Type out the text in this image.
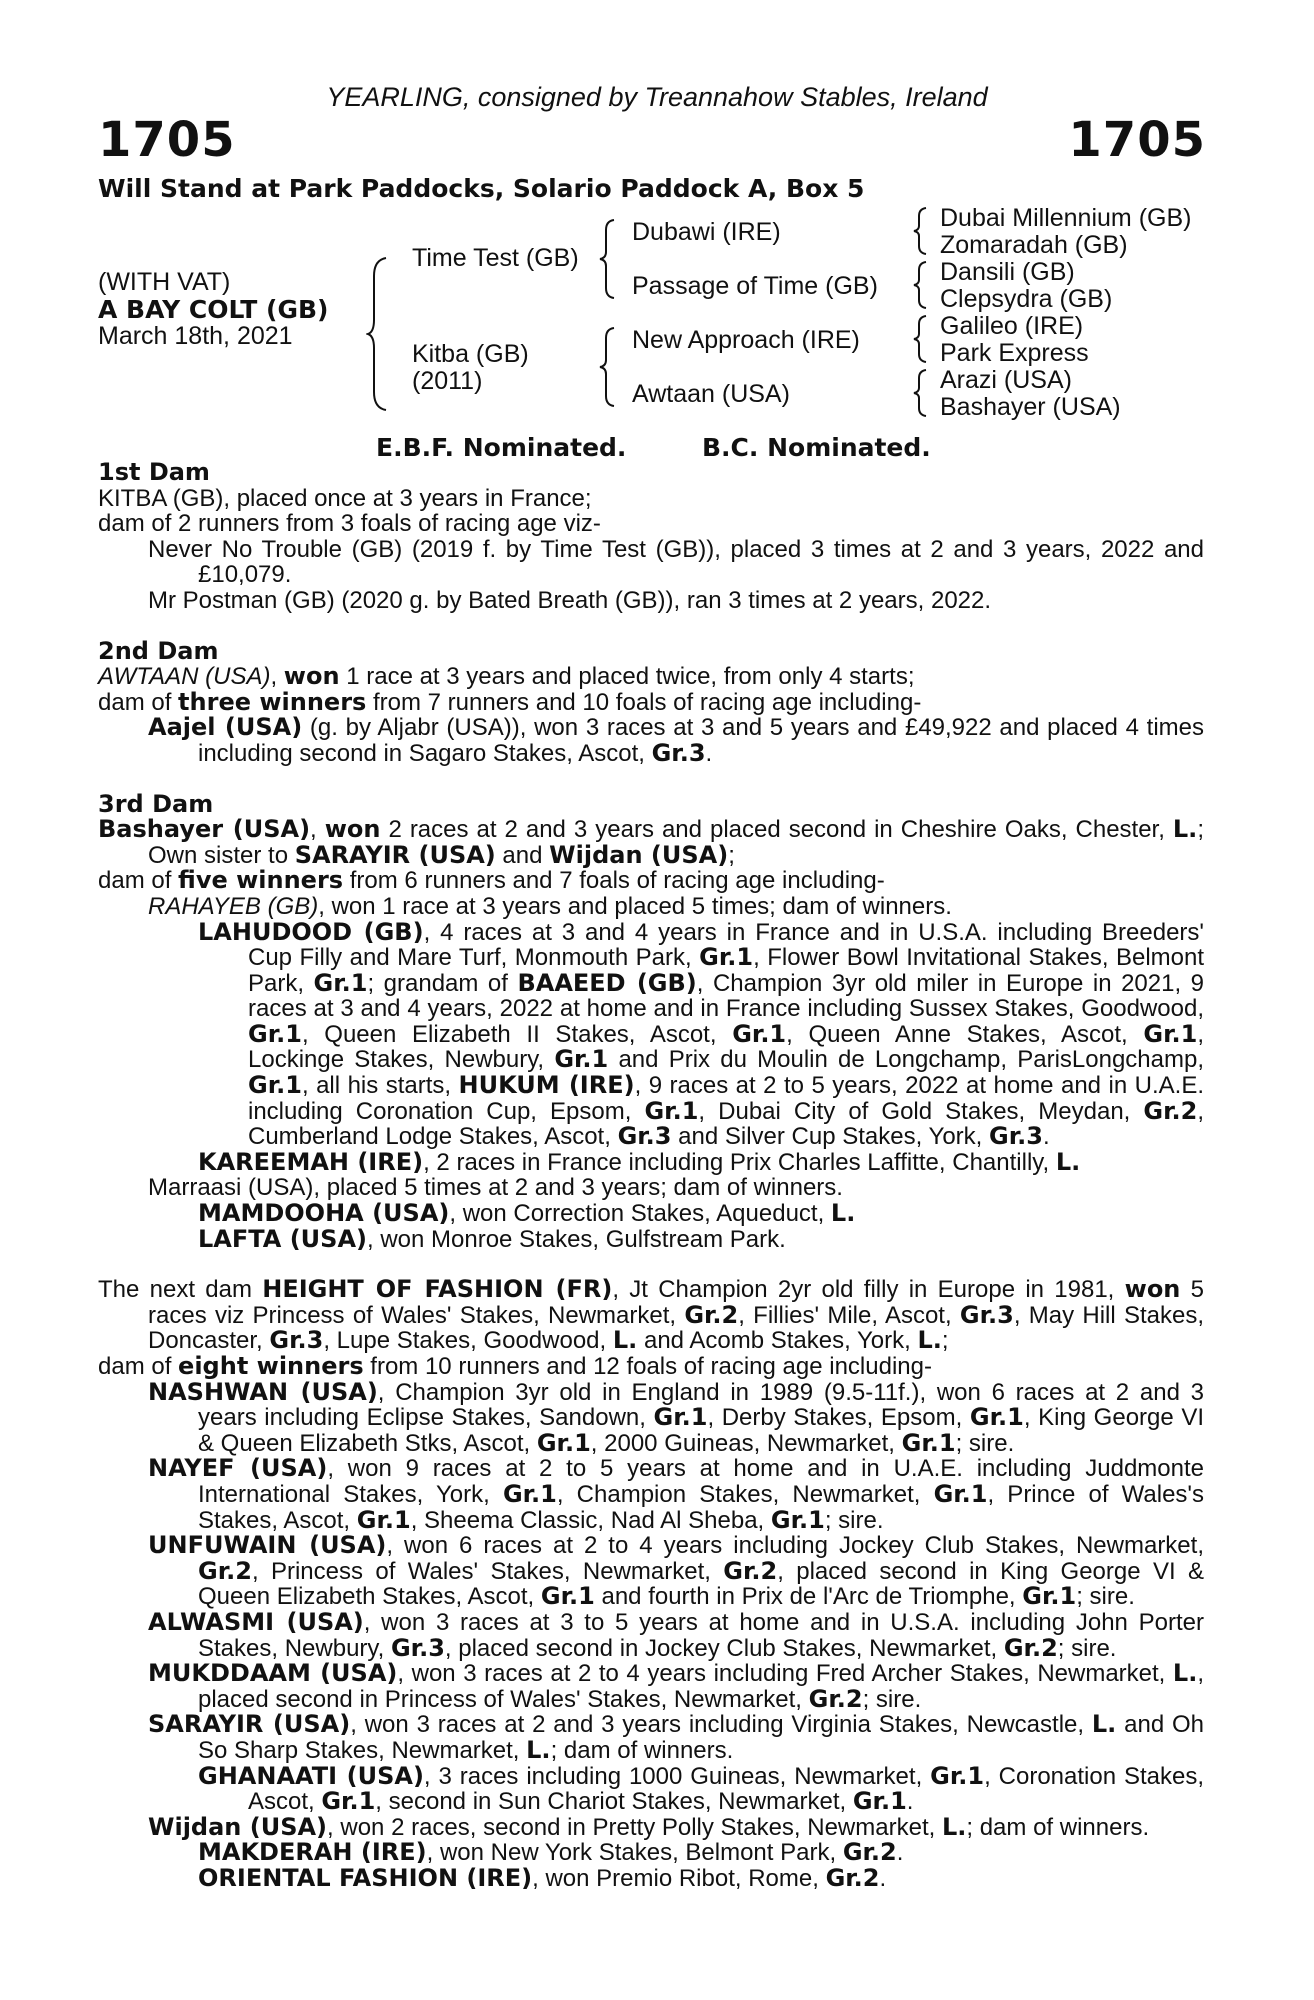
YEARLING, consigned by Treannahow Stables, Ireland
1705	1705
Will Stand at Park Paddocks, Solario Paddock A, Box 5
(WITH VAT)
A BAY COLT (GB)
March 18th, 2021
Time Test (GB)
Kitba (GB)
(2011)
Dubawi (IRE)
Passage of Time (GB)
New Approach (IRE)
Awtaan (USA)
Dubai Millennium (GB)
Zomaradah (GB)
Dansili (GB)
Clepsydra (GB)
Galileo (IRE)
Park Express
Arazi (USA)
Bashayer (USA)
E.B.F. Nominated.	B.C. Nominated.

1st Dam

KITBA (GB), placed once at 3 years in France;

dam of 2 runners from 3 foals of racing age viz-

Never No Trouble (GB) (2019 f. by Time Test (GB)), placed 3 times at 2 and 3 years, 2022 and £10,079.

Mr Postman (GB) (2020 g. by Bated Breath (GB)), ran 3 times at 2 years, 2022.

2nd Dam

AWTAAN (USA), won 1 race at 3 years and placed twice, from only 4 starts;

dam of three winners from 7 runners and 10 foals of racing age including-

Aajel (USA) (g. by Aljabr (USA)), won 3 races at 3 and 5 years and £49,922 and placed 4 times including second in Sagaro Stakes, Ascot, Gr.3.

3rd Dam

Bashayer (USA), won 2 races at 2 and 3 years and placed second in Cheshire Oaks, Chester, L.; Own sister to SARAYIR (USA) and Wijdan (USA);

dam of five winners from 6 runners and 7 foals of racing age including-

RAHAYEB (GB), won 1 race at 3 years and placed 5 times; dam of winners.

LAHUDOOD (GB), 4 races at 3 and 4 years in France and in U.S.A. including Breeders' Cup Filly and Mare Turf, Monmouth Park, Gr.1, Flower Bowl Invitational Stakes, Belmont Park, Gr.1; grandam of BAAEED (GB), Champion 3yr old miler in Europe in 2021, 9 races at 3 and 4 years, 2022 at home and in France including Sussex Stakes, Goodwood, Gr.1, Queen Elizabeth II Stakes, Ascot, Gr.1, Queen Anne Stakes, Ascot, Gr.1, Lockinge Stakes, Newbury, Gr.1 and Prix du Moulin de Longchamp, ParisLongchamp, Gr.1, all his starts, HUKUM (IRE), 9 races at 2 to 5 years, 2022 at home and in U.A.E. including Coronation Cup, Epsom, Gr.1, Dubai City of Gold Stakes, Meydan, Gr.2, Cumberland Lodge Stakes, Ascot, Gr.3 and Silver Cup Stakes, York, Gr.3.

KAREEMAH (IRE), 2 races in France including Prix Charles Laffitte, Chantilly, L.

Marraasi (USA), placed 5 times at 2 and 3 years; dam of winners.

MAMDOOHA (USA), won Correction Stakes, Aqueduct, L.

LAFTA (USA), won Monroe Stakes, Gulfstream Park.

The next dam HEIGHT OF FASHION (FR), Jt Champion 2yr old filly in Europe in 1981, won 5 races viz Princess of Wales' Stakes, Newmarket, Gr.2, Fillies' Mile, Ascot, Gr.3, May Hill Stakes, Doncaster, Gr.3, Lupe Stakes, Goodwood, L. and Acomb Stakes, York, L.;

dam of eight winners from 10 runners and 12 foals of racing age including-

NASHWAN (USA), Champion 3yr old in England in 1989 (9.5-11f.), won 6 races at 2 and 3 years including Eclipse Stakes, Sandown, Gr.1, Derby Stakes, Epsom, Gr.1, King George VI & Queen Elizabeth Stks, Ascot, Gr.1, 2000 Guineas, Newmarket, Gr.1; sire.

NAYEF (USA), won 9 races at 2 to 5 years at home and in U.A.E. including Juddmonte International Stakes, York, Gr.1, Champion Stakes, Newmarket, Gr.1, Prince of Wales's Stakes, Ascot, Gr.1, Sheema Classic, Nad Al Sheba, Gr.1; sire.

UNFUWAIN (USA), won 6 races at 2 to 4 years including Jockey Club Stakes, Newmarket, Gr.2, Princess of Wales' Stakes, Newmarket, Gr.2, placed second in King George VI & Queen Elizabeth Stakes, Ascot, Gr.1 and fourth in Prix de l'Arc de Triomphe, Gr.1; sire.

ALWASMI (USA), won 3 races at 3 to 5 years at home and in U.S.A. including John Porter Stakes, Newbury, Gr.3, placed second in Jockey Club Stakes, Newmarket, Gr.2; sire.

MUKDDAAM (USA), won 3 races at 2 to 4 years including Fred Archer Stakes, Newmarket, L., placed second in Princess of Wales' Stakes, Newmarket, Gr.2; sire.

SARAYIR (USA), won 3 races at 2 and 3 years including Virginia Stakes, Newcastle, L. and Oh So Sharp Stakes, Newmarket, L.; dam of winners.

GHANAATI (USA), 3 races including 1000 Guineas, Newmarket, Gr.1, Coronation Stakes, Ascot, Gr.1, second in Sun Chariot Stakes, Newmarket, Gr.1.

Wijdan (USA), won 2 races, second in Pretty Polly Stakes, Newmarket, L.; dam of winners.

MAKDERAH (IRE), won New York Stakes, Belmont Park, Gr.2.

ORIENTAL FASHION (IRE), won Premio Ribot, Rome, Gr.2.
